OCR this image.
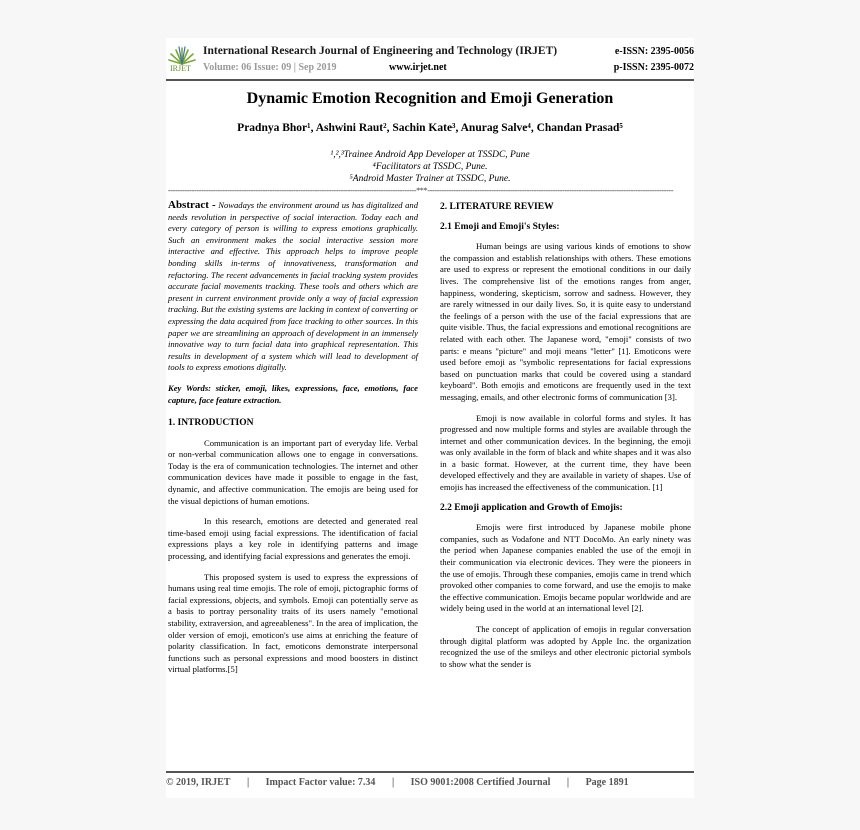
IRJET
International Research Journal of Engineering and Technology (IRJET)	e-ISSN: 2395-0056
Volume: 06 Issue: 09 | Sep 2019	www.irjet.net	p-ISSN: 2395-0072
Dynamic Emotion Recognition and Emoji Generation
Pradnya Bhor¹, Ashwini Raut², Sachin Kate³, Anurag Salve⁴, Chandan Prasad⁵
¹,²,³Trainee Android App Developer at TSSDC, Pune
⁴Facilitators at TSSDC, Pune.
⁵Android Master Trainer at TSSDC, Pune.
---------------------------------------------------------------------------------------------------------***--------------------------------------------------------------------------------------------------------
Abstract - Nowadays the environment around us has digitalized and needs revolution in perspective of social interaction. Today each and every category of person is willing to express emotions graphically. Such an environment makes the social interactive session more interactive and effective. This approach helps to improve people bonding skills in-terms of innovativeness, transformation and refactoring. The recent advancements in facial tracking system provides accurate facial movements tracking. These tools and others which are present in current environment provide only a way of facial expression tracking. But the existing systems are lacking in context of converting or expressing the data acquired from face tracking to other sources. In this paper we are streamlining an approach of development in an immensely innovative way to turn facial data into graphical representation. This results in development of a system which will lead to development of tools to express emotions digitally.
Key Words: sticker, emoji, likes, expressions, face, emotions, face capture, face feature extraction.
1. INTRODUCTION
Communication is an important part of everyday life. Verbal or non-verbal communication allows one to engage in conversations. Today is the era of communication technologies. The internet and other communication devices have made it possible to engage in the fast, dynamic, and affective communication. The emojis are being used for the visual depictions of human emotions.
In this research, emotions are detected and generated real time-based emoji using facial expressions. The identification of facial expressions plays a key role in identifying patterns and image processing, and identifying facial expressions and generates the emoji.
This proposed system is used to express the expressions of humans using real time emojis. The role of emoji, pictographic forms of facial expressions, objects, and symbols. Emoji can potentially serve as a basis to portray personality traits of its users namely "emotional stability, extraversion, and agreeableness". In the area of implication, the older version of emoji, emoticon's use aims at enriching the feature of polarity classification. In fact, emoticons demonstrate interpersonal functions such as personal expressions and mood boosters in distinct virtual platforms.[5]
2. LITERATURE REVIEW
2.1 Emoji and Emoji's Styles:
Human beings are using various kinds of emotions to show the compassion and establish relationships with others. These emotions are used to express or represent the emotional conditions in our daily lives. The comprehensive list of the emotions ranges from anger, happiness, wondering, skepticism, sorrow and sadness. However, they are rarely witnessed in our daily lives. So, it is quite easy to understand the feelings of a person with the use of the facial expressions that are quite visible. Thus, the facial expressions and emotional recognitions are related with each other. The Japanese word, "emoji" consists of two parts: e means "picture" and moji means "letter" [1]. Emoticons were used before emoji as "symbolic representations for facial expressions based on punctuation marks that could be covered using a standard keyboard". Both emojis and emoticons are frequently used in the text messaging, emails, and other electronic forms of communication [3].
Emoji is now available in colorful forms and styles. It has progressed and now multiple forms and styles are available through the internet and other communication devices. In the beginning, the emoji was only available in the form of black and white shapes and it was also in a basic format. However, at the current time, they have been developed effectively and they are available in variety of shapes. Use of emojis has increased the effectiveness of the communication. [1]
2.2 Emoji application and Growth of Emojis:
Emojis were first introduced by Japanese mobile phone companies, such as Vodafone and NTT DocoMo. An early ninety was the period when Japanese companies enabled the use of the emoji in their communication via electronic devices. They were the pioneers in the use of emojis. Through these companies, emojis came in trend which provoked other companies to come forward, and use the emojis to make the effective communication. Emojis became popular worldwide and are widely being used in the world at an international level [2].
The concept of application of emojis in regular conversation through digital platform was adopted by Apple Inc. the organization recognized the use of the smileys and other electronic pictorial symbols to show what the sender is
© 2019, IRJET | Impact Factor value: 7.34 | ISO 9001:2008 Certified Journal | Page 1891
